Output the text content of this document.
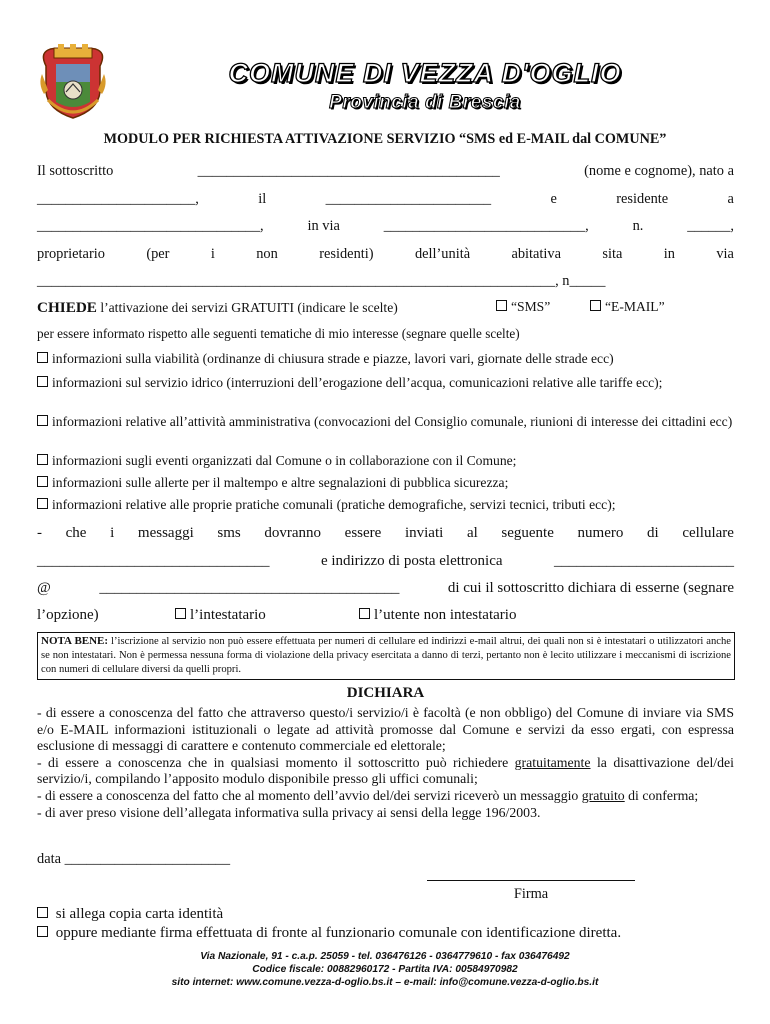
COMUNE DI VEZZA D'OGLIO
Provincia di Brescia
MODULO PER RICHIESTA ATTIVAZIONE SERVIZIO “SMS ed E-MAIL dal COMUNE”
Il sottoscritto	__________________________________________	(nome e cognome), nato a
______________________,	il	_______________________	e	residente	a
_______________________________,	in via	____________________________,	n.	______,
proprietario	(per	i	non	residenti)	dell’unità	abitativa	sita	in	via
________________________________________________________________________, n_____
CHIEDE l’attivazione dei servizi GRATUITI (indicare le scelte)	“SMS”	“E-MAIL”
per essere informato rispetto alle seguenti tematiche di mio interesse (segnare quelle scelte)
informazioni sulla viabilità (ordinanze di chiusura strade e piazze, lavori vari, giornate delle strade ecc)
informazioni sul servizio idrico (interruzioni dell’erogazione dell’acqua, comunicazioni relative alle tariffe ecc);
informazioni relative all’attività amministrativa (convocazioni del Consiglio comunale, riunioni di interesse dei cittadini ecc)
informazioni sugli eventi organizzati dal Comune o in collaborazione con il Comune;
informazioni sulle allerte per il maltempo e altre segnalazioni di pubblica sicurezza;
informazioni relative alle proprie pratiche comunali (pratiche demografiche, servizi tecnici, tributi ecc);
- che i messaggi sms dovranno essere inviati al seguente numero di cellulare
_______________________________	e indirizzo di posta elettronica	________________________
@	________________________________________	di cui il sottoscritto dichiara di esserne (segnare
l’opzione)	l’intestatario	l’utente non intestatario
NOTA BENE: l’iscrizione al servizio non può essere effettuata per numeri di cellulare ed indirizzi e-mail altrui, dei quali non si è intestatari o utilizzatori anche se non intestatari. Non è permessa nessuna forma di violazione della privacy esercitata a danno di terzi, pertanto non è lecito utilizzare i meccanismi di iscrizione con numeri di cellulare diversi da quelli propri.
DICHIARA

- di essere a conoscenza del fatto che attraverso questo/i servizio/i è facoltà (e non obbligo) del Comune di inviare via SMS e/o E-MAIL informazioni istituzionali o legate ad attività promosse dal Comune e servizi da esso ergati, con espressa esclusione di messaggi di carattere e contenuto commerciale ed elettorale;

- di essere a conoscenza che in qualsiasi momento il sottoscritto può richiedere gratuitamente la disattivazione del/dei servizio/i, compilando l’apposito modulo disponibile presso gli uffici comunali;

- di essere a conoscenza del fatto che al momento dell’avvio del/dei servizi riceverò un messaggio gratuito di conferma;

- di aver preso visione dell’allegata informativa sulla privacy ai sensi della legge 196/2003.

data _______________________
Firma
si allega copia carta identità
oppure mediante firma effettuata di fronte al funzionario comunale con identificazione diretta.
Via Nazionale, 91 - c.a.p. 25059 - tel. 036476126 - 0364779610 - fax 036476492
Codice fiscale: 00882960172 - Partita IVA: 00584970982
sito internet: www.comune.vezza-d-oglio.bs.it – e-mail: info@comune.vezza-d-oglio.bs.it
